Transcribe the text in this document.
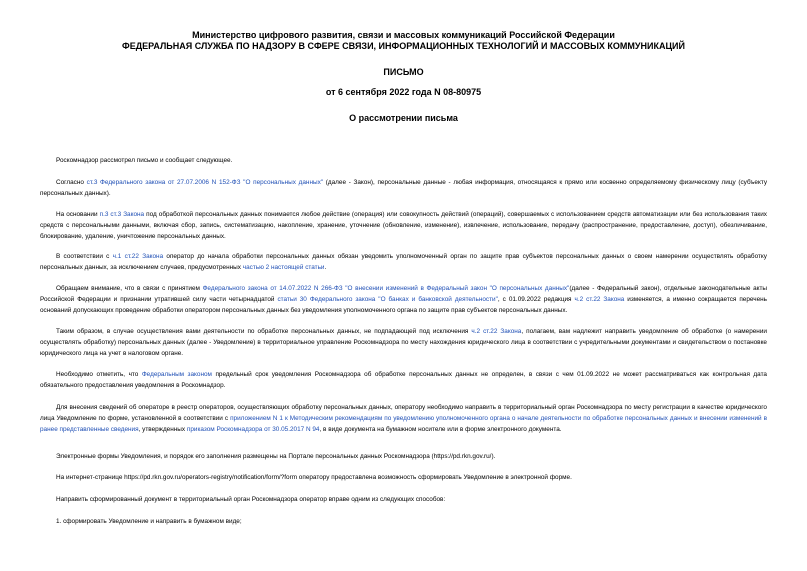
Министерство цифрового развития, связи и массовых коммуникаций Российской Федерации
ФЕДЕРАЛЬНАЯ СЛУЖБА ПО НАДЗОРУ В СФЕРЕ СВЯЗИ, ИНФОРМАЦИОННЫХ ТЕХНОЛОГИЙ И МАССОВЫХ КОММУНИКАЦИЙ
ПИСЬМО
от 6 сентября 2022 года N 08-80975
О рассмотрении письма

Роскомнадзор рассмотрел письмо и сообщает следующее.

Согласно ст.3 Федерального закона от 27.07.2006 N 152-ФЗ "О персональных данных" (далее - Закон), персональные данные - любая информация, относящаяся к прямо или косвенно определяемому физическому лицу (субъекту персональных данных).

На основании п.3 ст.3 Закона под обработкой персональных данных понимается любое действие (операция) или совокупность действий (операций), совершаемых с использованием средств автоматизации или без использования таких средств с персональными данными, включая сбор, запись, систематизацию, накопление, хранение, уточнение (обновление, изменение), извлечение, использование, передачу (распространение, предоставление, доступ), обезличивание, блокирование, удаление, уничтожение персональных данных.

В соответствии с ч.1 ст.22 Закона оператор до начала обработки персональных данных обязан уведомить уполномоченный орган по защите прав субъектов персональных данных о своем намерении осуществлять обработку персональных данных, за исключением случаев, предусмотренных частью 2 настоящей статьи.

Обращаем внимание, что в связи с принятием Федерального закона от 14.07.2022 N 266-ФЗ "О внесении изменений в Федеральный закон "О персональных данных"(далее - Федеральный закон), отдельные законодательные акты Российской Федерации и признании утратившей силу части четырнадцатой статьи 30 Федерального закона "О банках и банковской деятельности", с 01.09.2022 редакция ч.2 ст.22 Закона изменяется, а именно сокращается перечень оснований допускающих проведение обработки оператором персональных данных без уведомления уполномоченного органа по защите прав субъектов персональных данных.

Таким образом, в случае осуществления вами деятельности по обработке персональных данных, не подпадающей под исключения ч.2 ст.22 Закона, полагаем, вам надлежит направить уведомление об обработке (о намерении осуществлять обработку) персональных данных (далее - Уведомление) в территориальное управление Роскомнадзора по месту нахождения юридического лица в соответствии с учредительными документами и свидетельством о постановке юридического лица на учет в налоговом органе.

Необходимо отметить, что Федеральным законом предельный срок уведомления Роскомнадзора об обработке персональных данных не определен, в связи с чем 01.09.2022 не может рассматриваться как контрольная дата обязательного предоставления уведомления в Роскомнадзор.

Для внесения сведений об операторе в реестр операторов, осуществляющих обработку персональных данных, оператору необходимо направить в территориальный орган Роскомнадзора по месту регистрации в качестве юридического лица Уведомление по форме, установленной в соответствии с приложением N 1 к Методическим рекомендациям по уведомлению уполномоченного органа о начале деятельности по обработке персональных данных и внесении изменений в ранее представленные сведения, утвержденных приказом Роскомнадзора от 30.05.2017 N 94, в виде документа на бумажном носителе или в форме электронного документа.

Электронные формы Уведомления, и порядок его заполнения размещены на Портале персональных данных Роскомнадзора (https://pd.rkn.gov.ru/).

На интернет-странице https://pd.rkn.gov.ru/operators-registry/notification/form/?form оператору предоставлена возможность сформировать Уведомление в электронной форме.

Направить сформированный документ в территориальный орган Роскомнадзора оператор вправе одним из следующих способов:

1. сформировать Уведомление и направить в бумажном виде;
